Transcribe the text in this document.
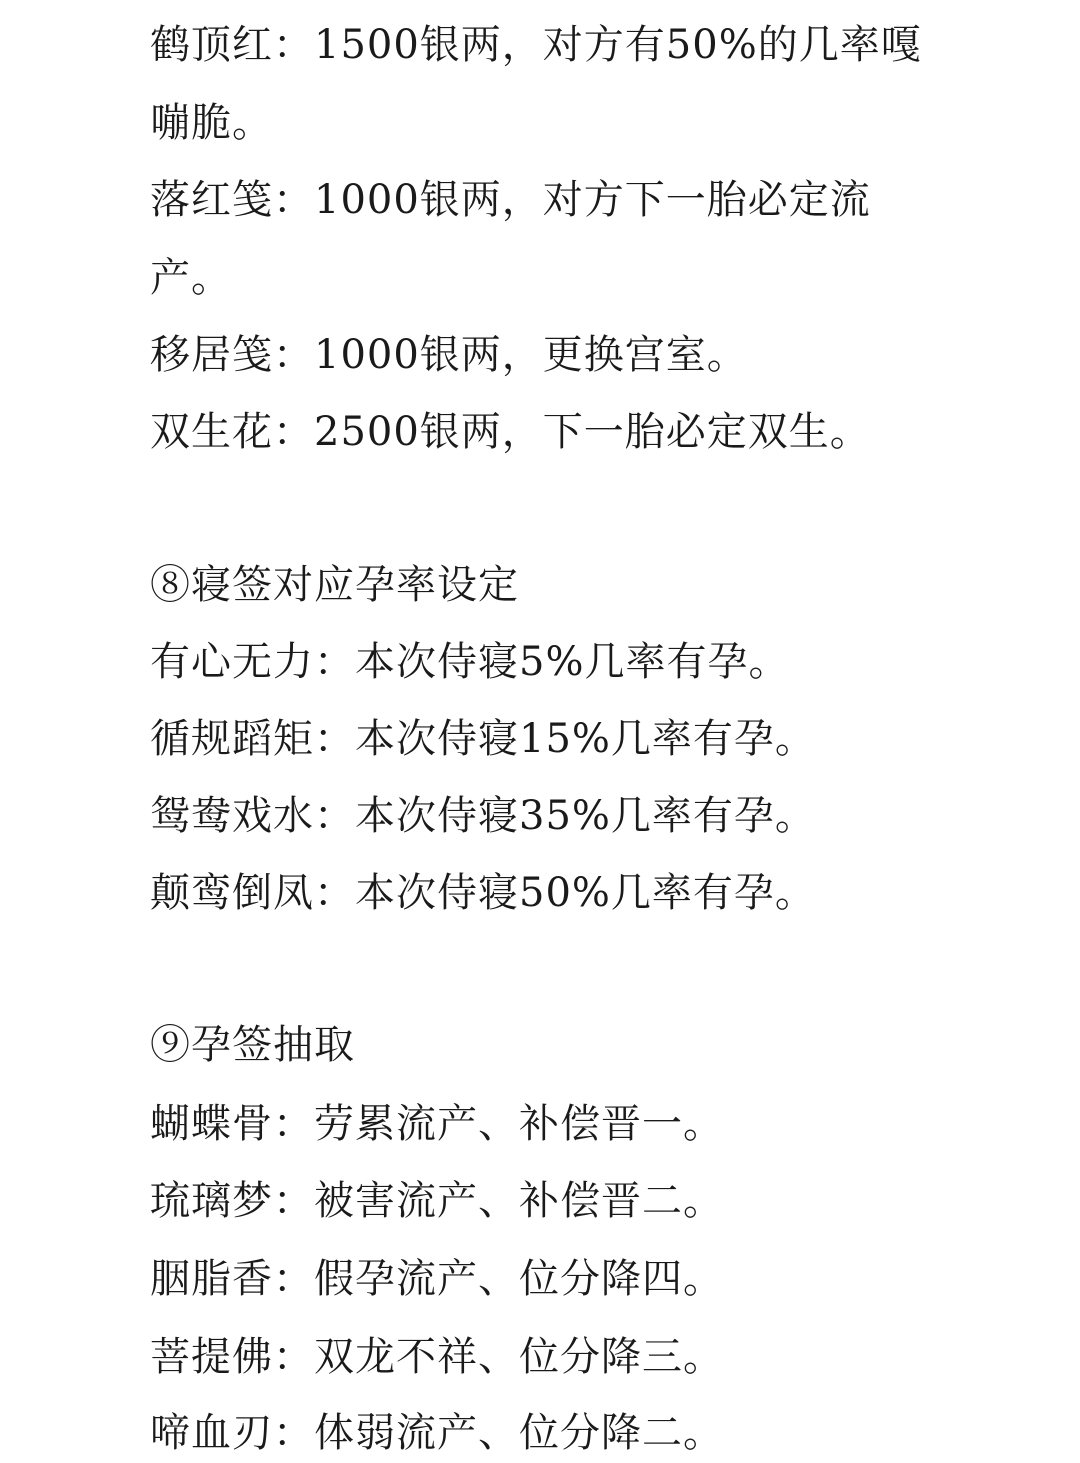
鹤顶红：1500银两，对方有50%的几率嘎
嘣脆。
落红笺：1000银两，对方下一胎必定流
产。
移居笺：1000银两，更换宫室。
双生花：2500银两，下一胎必定双生。
⑧寝签对应孕率设定
有心无力：本次侍寝5%几率有孕。
循规蹈矩：本次侍寝15%几率有孕。
鸳鸯戏水：本次侍寝35%几率有孕。
颠鸾倒凤：本次侍寝50%几率有孕。
⑨孕签抽取
蝴蝶骨：劳累流产、补偿晋一。
琉璃梦：被害流产、补偿晋二。
胭脂香：假孕流产、位分降四。
菩提佛：双龙不祥、位分降三。
啼血刃：体弱流产、位分降二。
